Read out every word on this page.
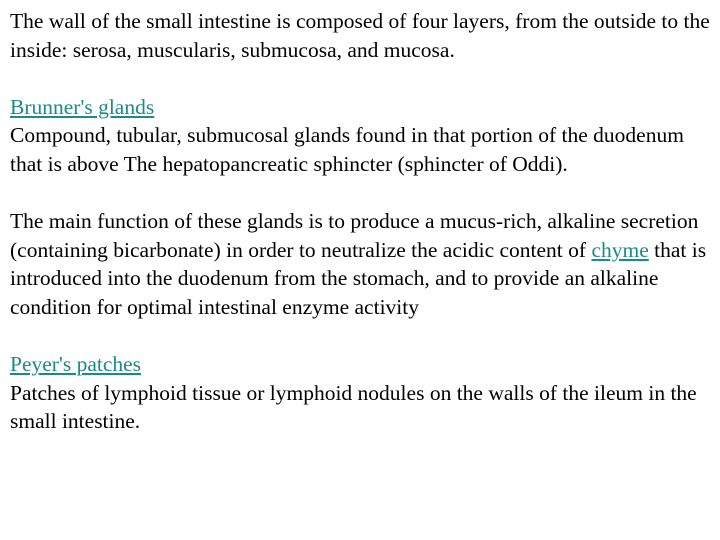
The wall of the small intestine is composed of four layers, from the outside to the inside: serosa, muscularis, submucosa, and mucosa.

Brunner's glands
Compound, tubular, submucosal glands found in that portion of the duodenum that is above The hepatopancreatic sphincter (sphincter of Oddi).

The main function of these glands is to produce a mucus-rich, alkaline secretion (containing bicarbonate) in order to neutralize the acidic content of chyme that is introduced into the duodenum from the stomach, and to provide an alkaline condition for optimal intestinal enzyme activity

Peyer's patches
Patches of lymphoid tissue or lymphoid nodules on the walls of the ileum in the small intestine.
